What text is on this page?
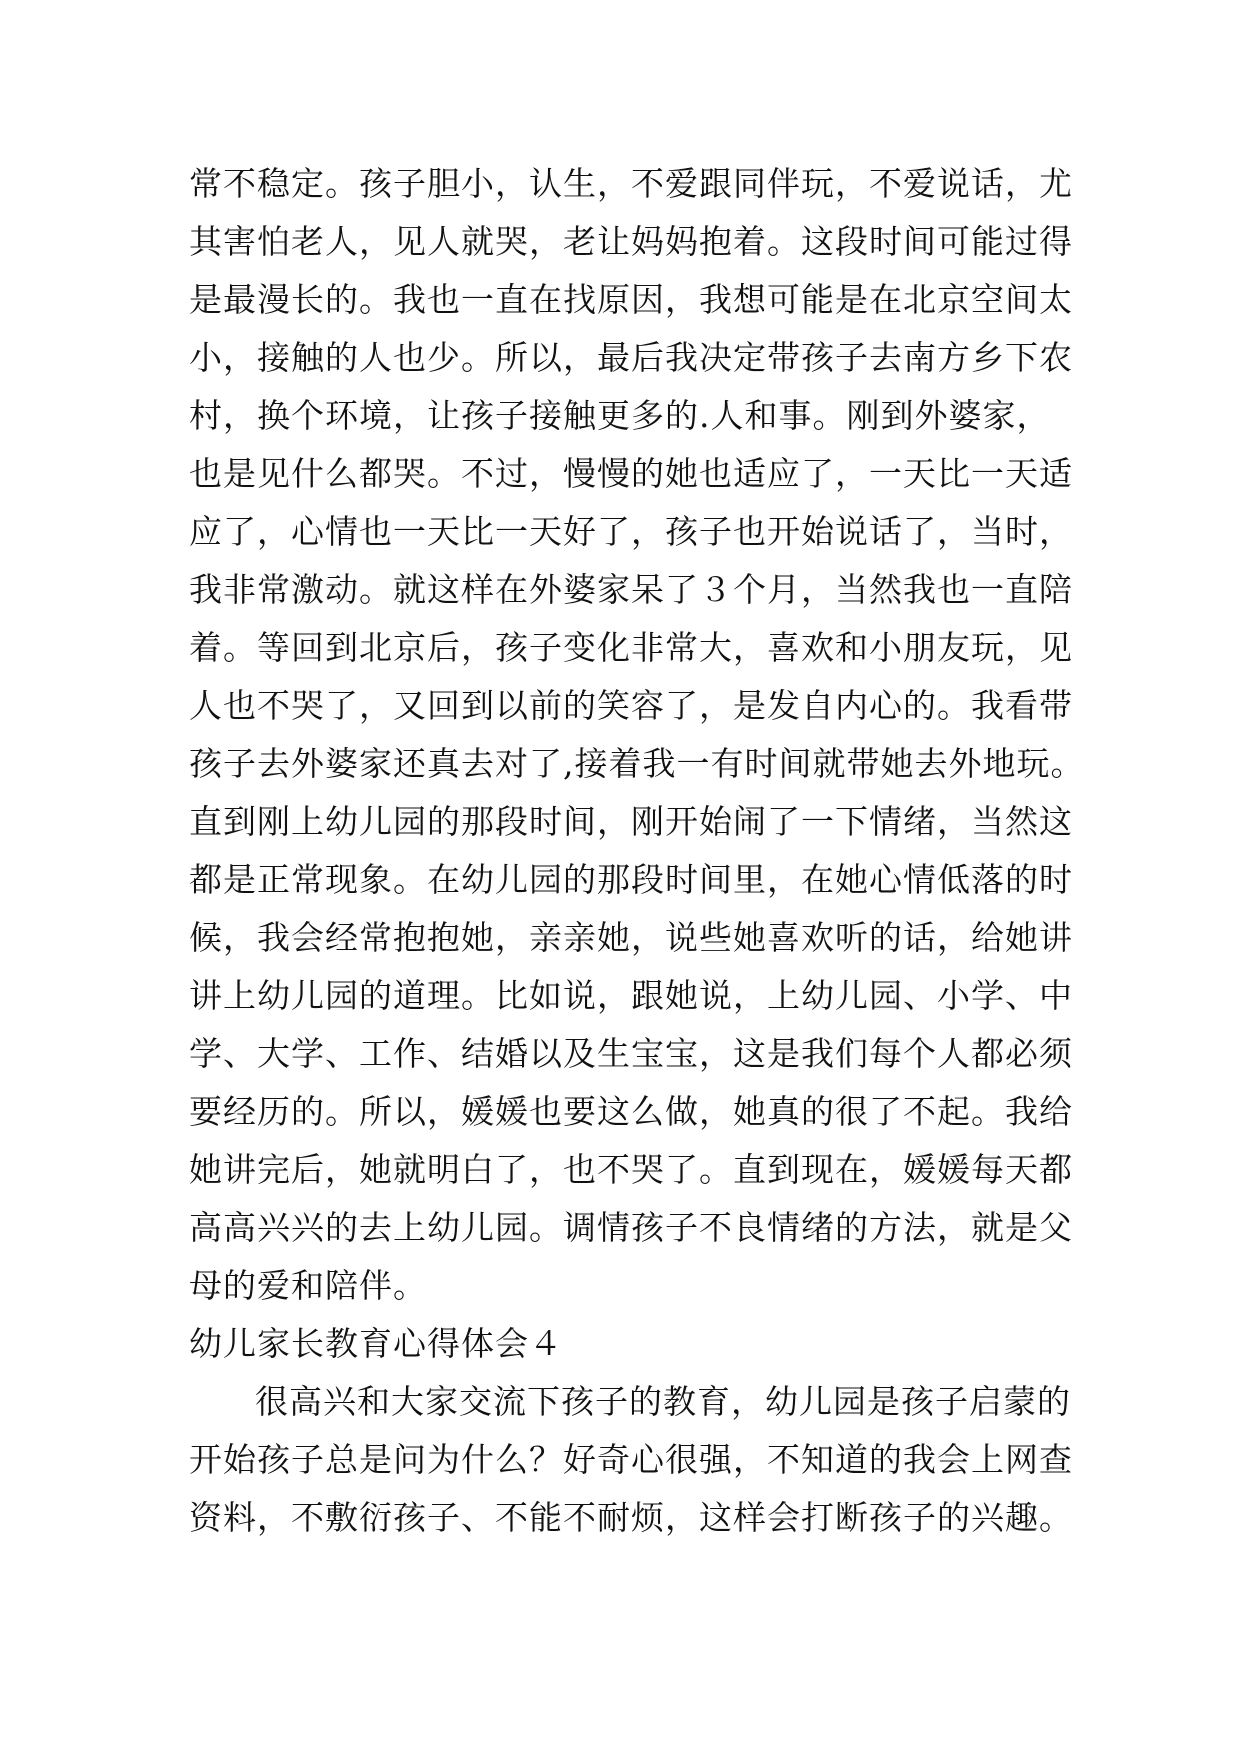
常不稳定。孩子胆小，认生，不爱跟同伴玩，不爱说话，尤
其害怕老人，见人就哭，老让妈妈抱着。这段时间可能过得
是最漫长的。我也一直在找原因，我想可能是在北京空间太
小，接触的人也少。所以，最后我决定带孩子去南方乡下农
村，换个环境，让孩子接触更多的.人和事。刚到外婆家，
也是见什么都哭。不过，慢慢的她也适应了，一天比一天适
应了，心情也一天比一天好了，孩子也开始说话了，当时，
我非常激动。就这样在外婆家呆了３个月，当然我也一直陪
着。等回到北京后，孩子变化非常大，喜欢和小朋友玩，见
人也不哭了，又回到以前的笑容了，是发自内心的。我看带
孩子去外婆家还真去对了,接着我一有时间就带她去外地玩。
直到刚上幼儿园的那段时间，刚开始闹了一下情绪，当然这
都是正常现象。在幼儿园的那段时间里，在她心情低落的时
候，我会经常抱抱她，亲亲她，说些她喜欢听的话，给她讲
讲上幼儿园的道理。比如说，跟她说，上幼儿园、小学、中
学、大学、工作、结婚以及生宝宝，这是我们每个人都必须
要经历的。所以，媛媛也要这么做，她真的很了不起。我给
她讲完后，她就明白了，也不哭了。直到现在，媛媛每天都
高高兴兴的去上幼儿园。调情孩子不良情绪的方法，就是父
母的爱和陪伴。
幼儿家长教育心得体会４
很高兴和大家交流下孩子的教育，幼儿园是孩子启蒙的
开始孩子总是问为什么？好奇心很强，不知道的我会上网查
资料，不敷衍孩子、不能不耐烦，这样会打断孩子的兴趣。
